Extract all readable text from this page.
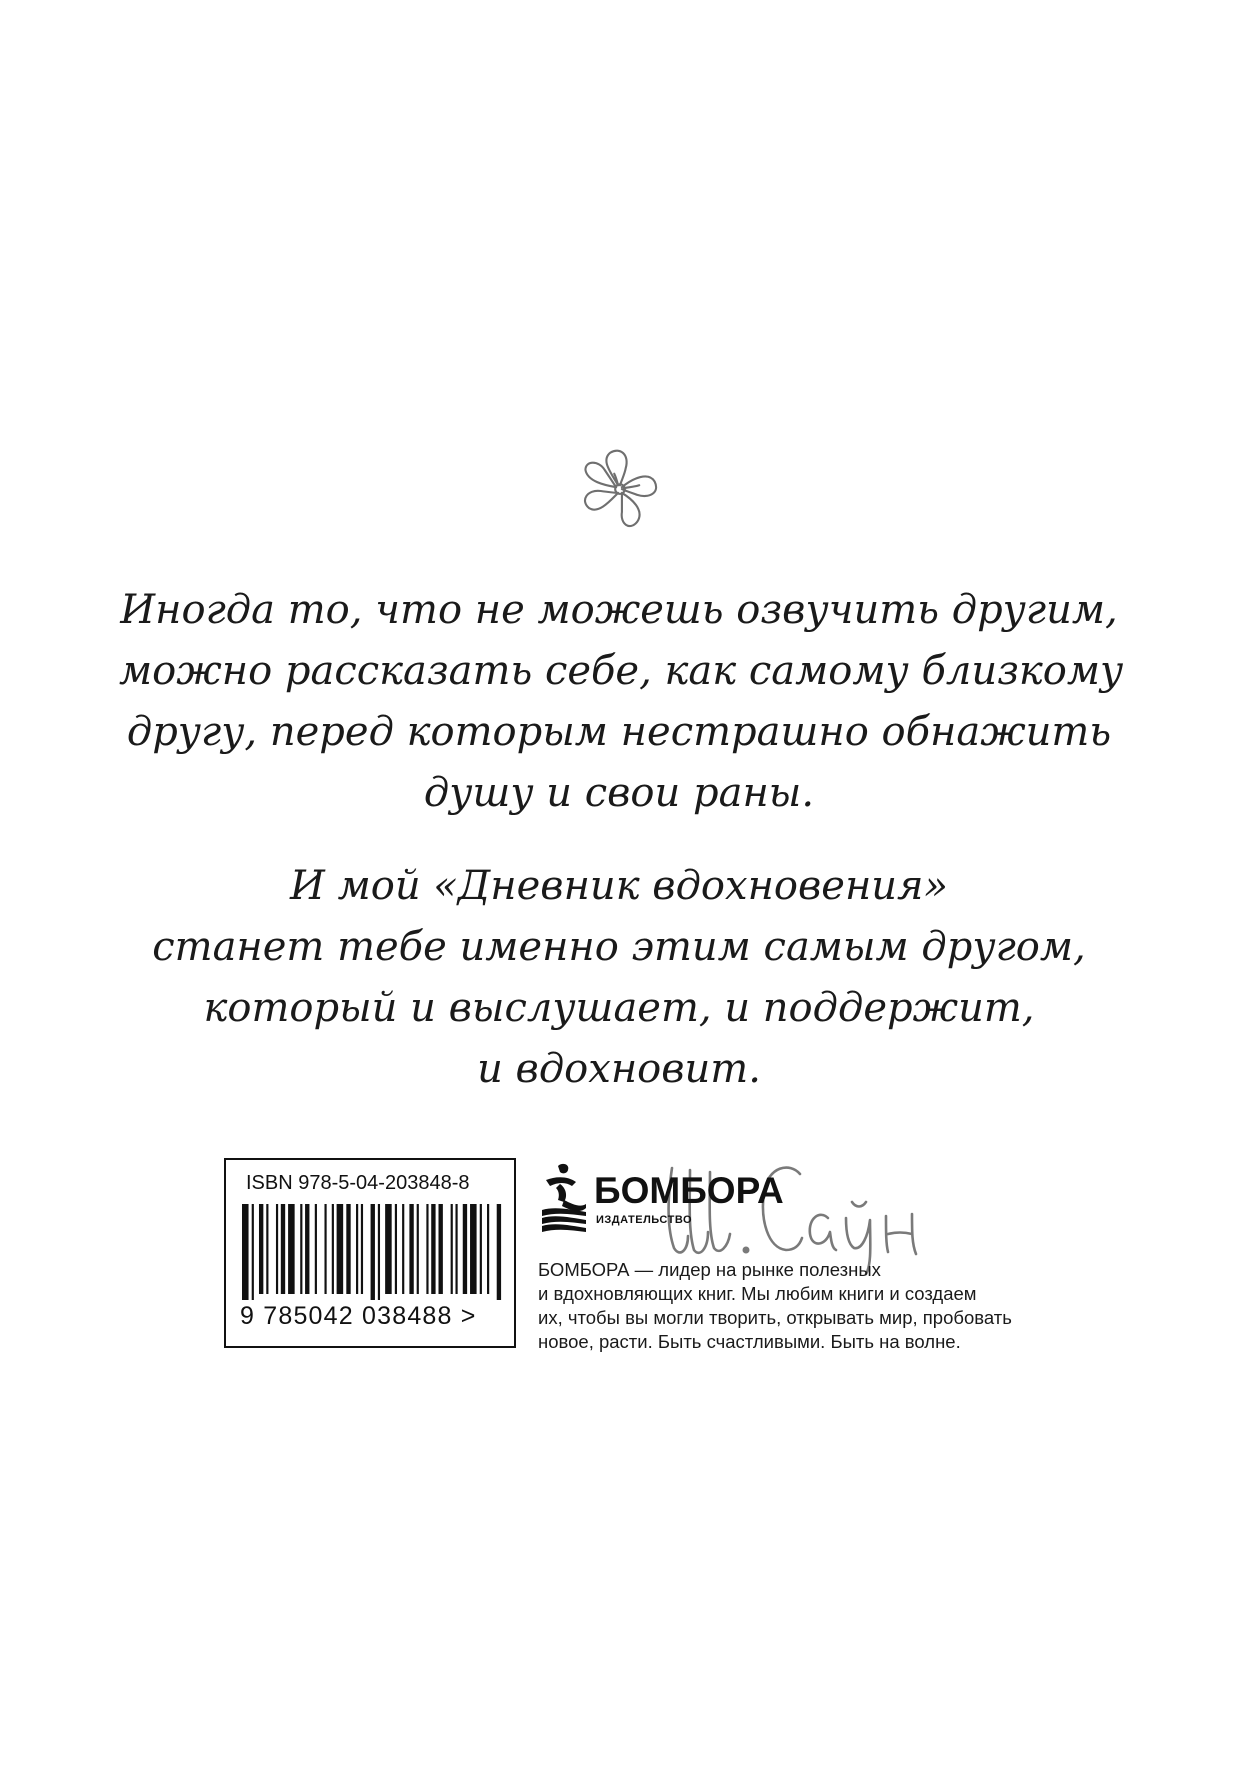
Иногда то, что не можешь озвучить другим,
можно рассказать себе, как самому близкому
другу, перед которым нестрашно обнажить
душу и свои раны.
И мой «Дневник вдохновения»
станет тебе именно этим самым другом,
который и выслушает, и поддержит,
и вдохновит.
ISBN 978-5-04-203848-8
9 785042 038488 >
БОМБОРА
ИЗДАТЕЛЬСТВО
БОМБОРА — лидер на рынке полезных
и вдохновляющих книг. Мы любим книги и создаем
их, чтобы вы могли творить, открывать мир, пробовать
новое, расти. Быть счастливыми. Быть на волне.
